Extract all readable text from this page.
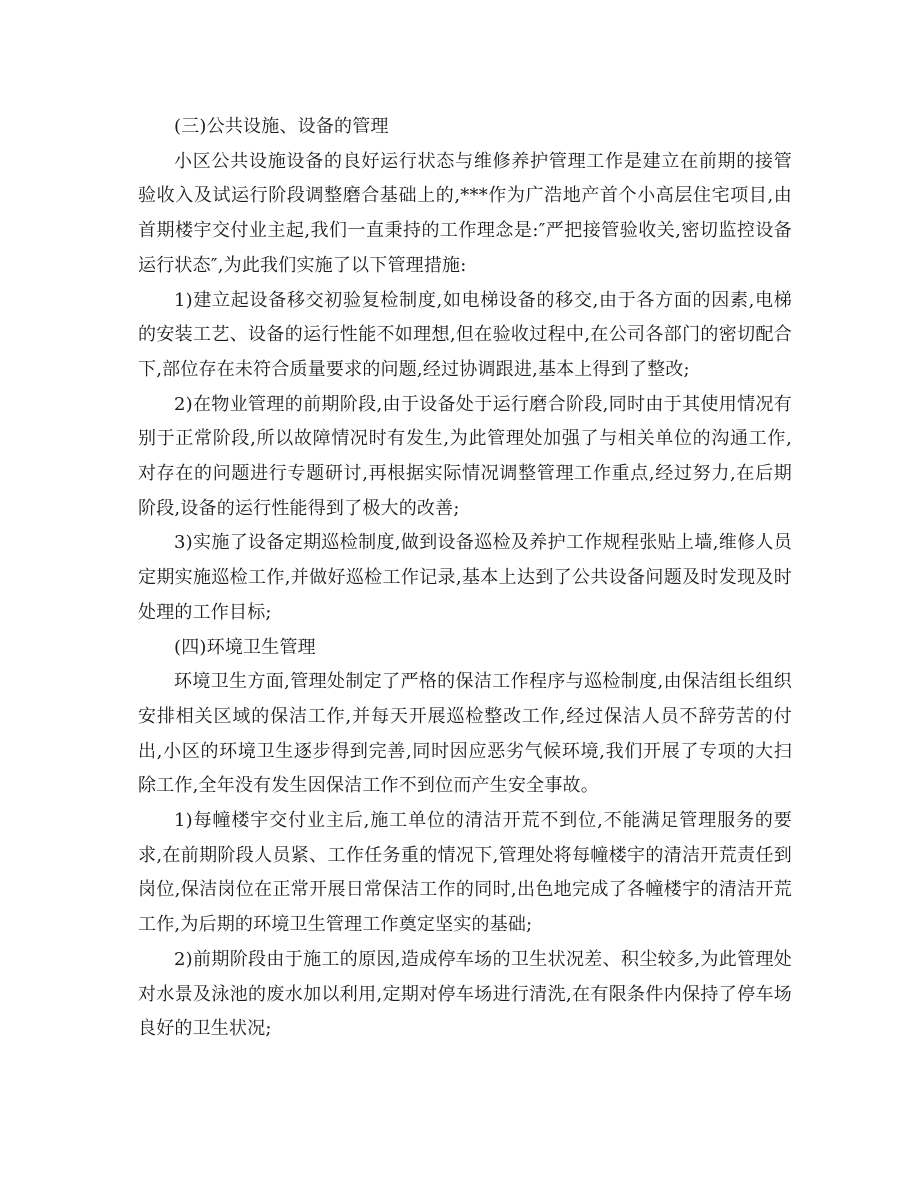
(三)公共设施、设备的管理

小区公共设施设备的良好运行状态与维修养护管理工作是建立在前期的接管验收入及试运行阶段调整磨合基础上的,***作为广浩地产首个小高层住宅项目,由首期楼宇交付业主起,我们一直秉持的工作理念是:″严把接管验收关,密切监控设备运行状态″,为此我们实施了以下管理措施:

1)建立起设备移交初验复检制度,如电梯设备的移交,由于各方面的因素,电梯的安装工艺、设备的运行性能不如理想,但在验收过程中,在公司各部门的密切配合下,部位存在未符合质量要求的问题,经过协调跟进,基本上得到了整改;

2)在物业管理的前期阶段,由于设备处于运行磨合阶段,同时由于其使用情况有别于正常阶段,所以故障情况时有发生,为此管理处加强了与相关单位的沟通工作,对存在的问题进行专题研讨,再根据实际情况调整管理工作重点,经过努力,在后期阶段,设备的运行性能得到了极大的改善;

3)实施了设备定期巡检制度,做到设备巡检及养护工作规程张贴上墙,维修人员定期实施巡检工作,并做好巡检工作记录,基本上达到了公共设备问题及时发现及时处理的工作目标;

(四)环境卫生管理

环境卫生方面,管理处制定了严格的保洁工作程序与巡检制度,由保洁组长组织安排相关区域的保洁工作,并每天开展巡检整改工作,经过保洁人员不辞劳苦的付出,小区的环境卫生逐步得到完善,同时因应恶劣气候环境,我们开展了专项的大扫除工作,全年没有发生因保洁工作不到位而产生安全事故。

1)每幢楼宇交付业主后,施工单位的清洁开荒不到位,不能满足管理服务的要求,在前期阶段人员紧、工作任务重的情况下,管理处将每幢楼宇的清洁开荒责任到岗位,保洁岗位在正常开展日常保洁工作的同时,出色地完成了各幢楼宇的清洁开荒工作,为后期的环境卫生管理工作奠定坚实的基础;

2)前期阶段由于施工的原因,造成停车场的卫生状况差、积尘较多,为此管理处对水景及泳池的废水加以利用,定期对停车场进行清洗,在有限条件内保持了停车场良好的卫生状况;
